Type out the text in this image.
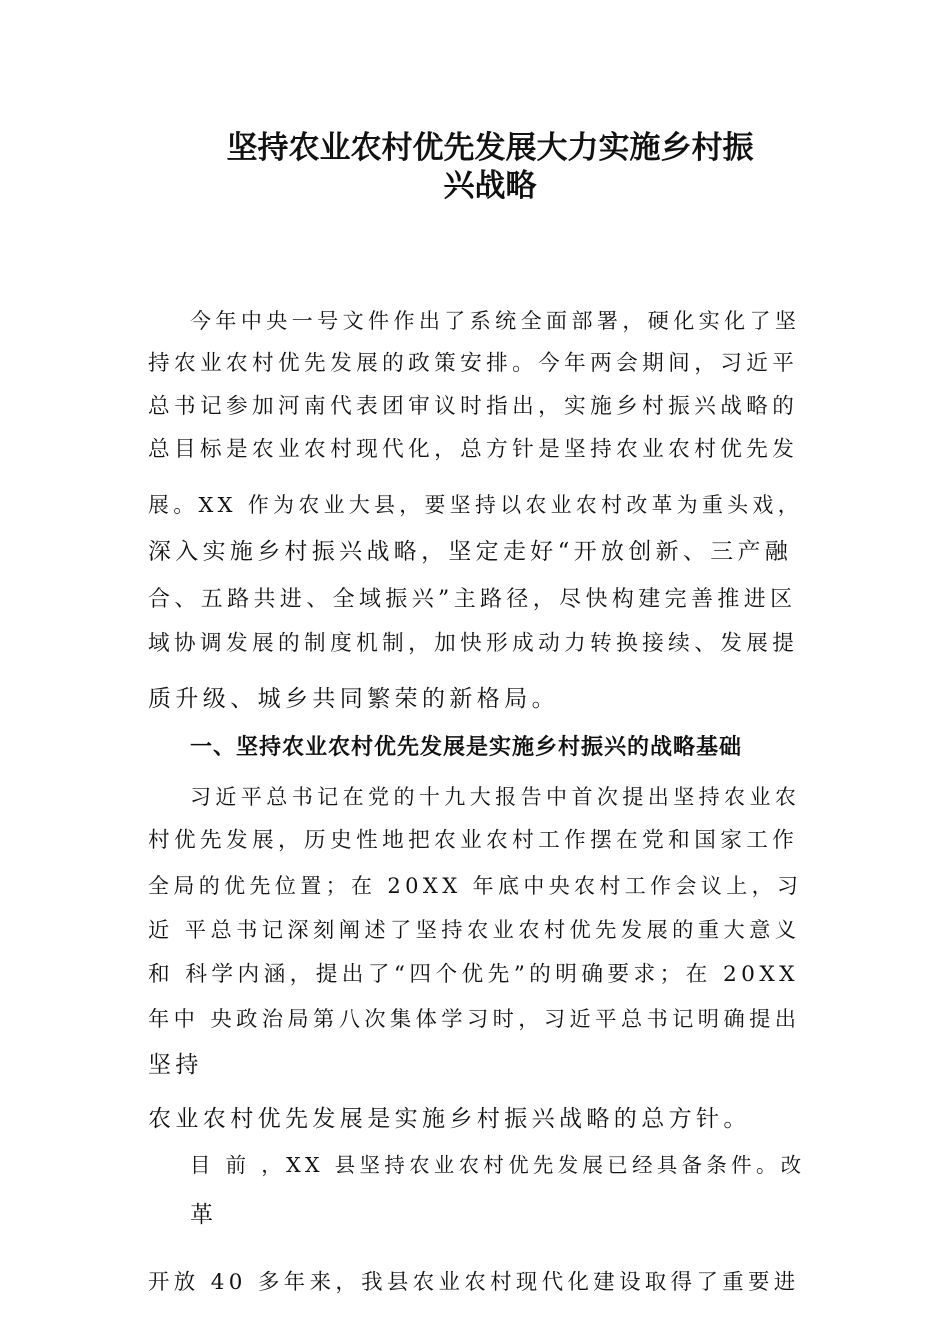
坚持农业农村优先发展大力实施乡村振
兴战略
今年中央一号文件作出了系统全面部署，硬化实化了坚
持农业农村优先发展的政策安排。今年两会期间，习近平
总书记参加河南代表团审议时指出，实施乡村振兴战略的
总目标是农业农村现代化，总方针是坚持农业农村优先发
展。XX 作为农业大县，要坚持以农业农村改革为重头戏，
深入实施乡村振兴战略，坚定走好“开放创新、三产融
合、五路共进、全域振兴”主路径，尽快构建完善推进区
域协调发展的制度机制，加快形成动力转换接续、发展提
质升级、城乡共同繁荣的新格局。
一、坚持农业农村优先发展是实施乡村振兴的战略基础
习近平总书记在党的十九大报告中首次提出坚持农业农
村优先发展，历史性地把农业农村工作摆在党和国家工作
全局的优先位置；在 20XX 年底中央农村工作会议上，习
近 平总书记深刻阐述了坚持农业农村优先发展的重大意义
和 科学内涵，提出了“四个优先”的明确要求；在 20XX
年中 央政治局第八次集体学习时，习近平总书记明确提出
坚持
农业农村优先发展是实施乡村振兴战略的总方针。
目 前 ，XX 县坚持农业农村优先发展已经具备条件。改
革
开放 40 多年来，我县农业农村现代化建设取得了重要进
